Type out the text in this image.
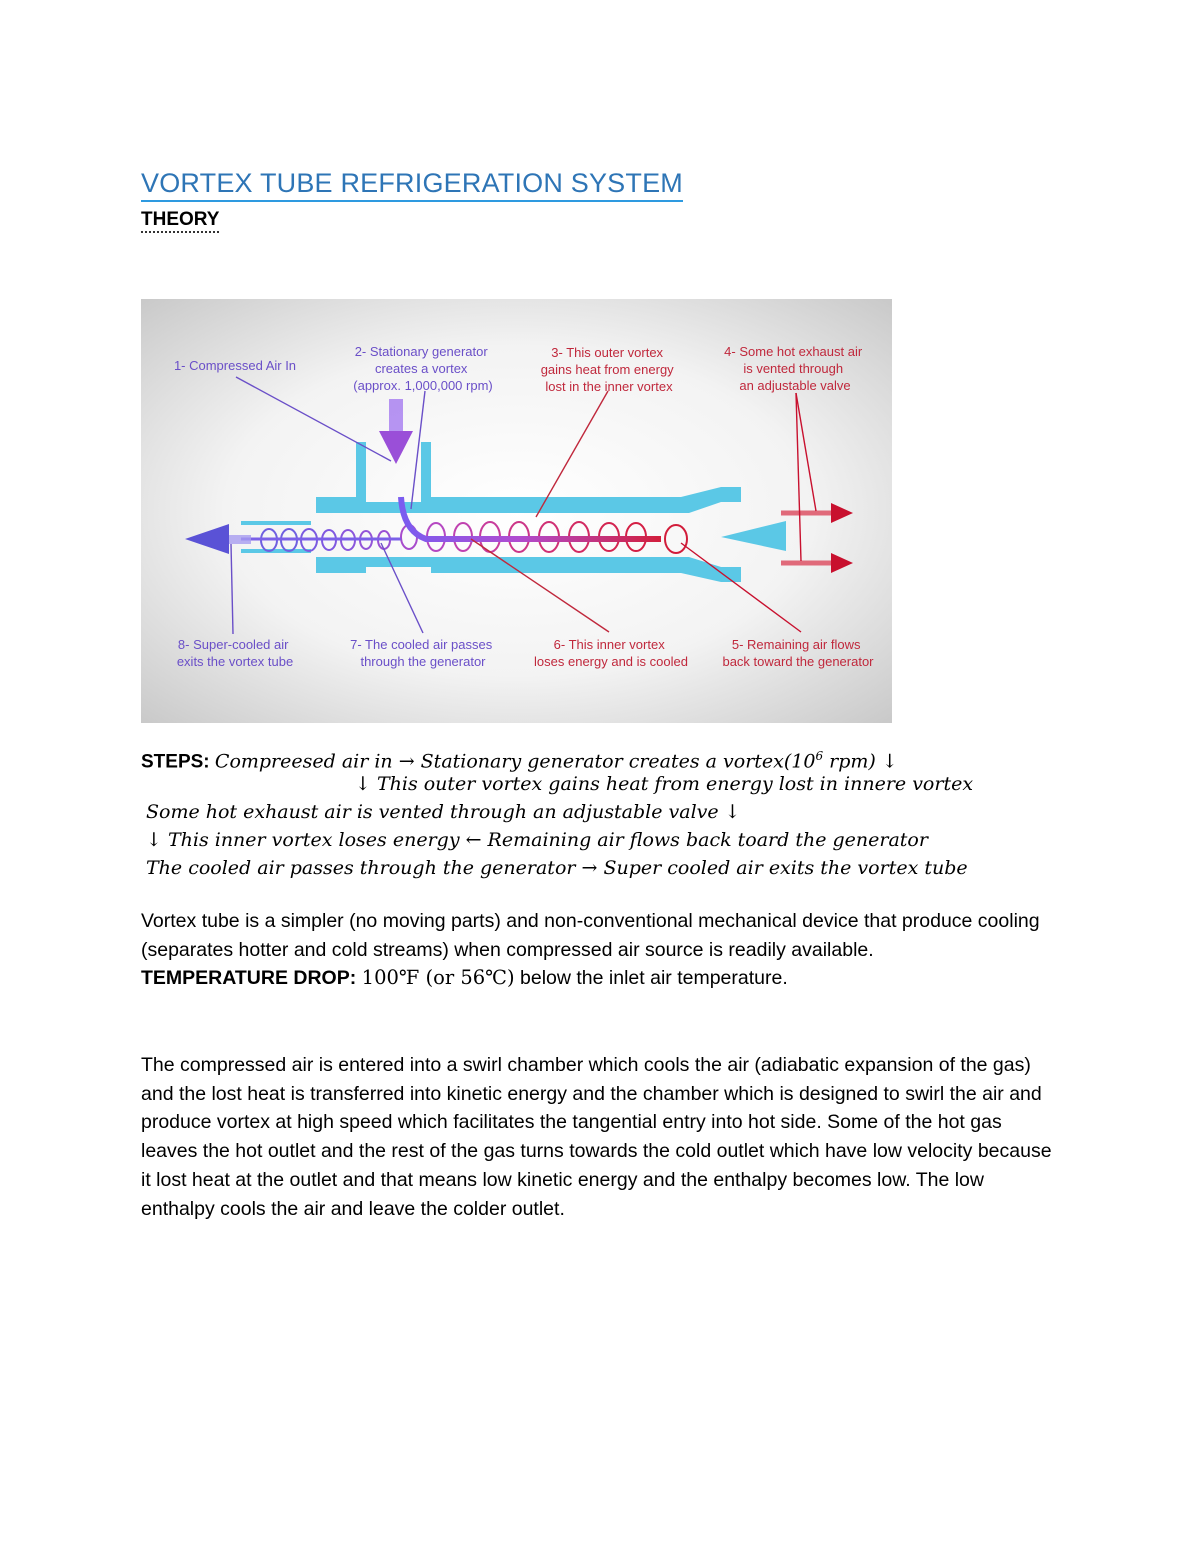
VORTEX TUBE REFRIGERATION SYSTEM
THEORY
1- Compressed Air In
2- Stationary generator creates a vortex (approx. 1,000,000 rpm)
3- This outer vortex gains heat from energy lost in the inner vortex
4- Some hot exhaust air is vented through an adjustable valve
5- Remaining air flows back toward the generator
6- This inner vortex loses energy and is cooled
7- The cooled air passes through the generator
8- Super-cooled air exits the vortex tube
STEPS: Compreesed air in → Stationary generator creates a $vortex(10^6$ rpm) ↓
↓ This outer vortex gains heat from energy lost in innere vortex
Some hot exhaust air is vented through an adjustable valve ↓
↓ This inner vortex loses energy ← Remaining air flows back toard the generator
The cooled air passes through the generator → Super cooled air exits the vortex tube
Vortex tube is a simpler (no moving parts) and non-conventional mechanical device that produce cooling (separates hotter and cold streams) when compressed air source is readily available.
TEMPERATURE DROP: 100℉ (or 56℃) below the inlet air temperature.
The compressed air is entered into a swirl chamber which cools the air (adiabatic expansion of the gas) and the lost heat is transferred into kinetic energy and the chamber which is designed to swirl the air and produce vortex at high speed which facilitates the tangential entry into hot side. Some of the hot gas leaves the hot outlet and the rest of the gas turns towards the cold outlet which have low velocity because it lost heat at the outlet and that means low kinetic energy and the enthalpy becomes low. The low enthalpy cools the air and leave the colder outlet.
